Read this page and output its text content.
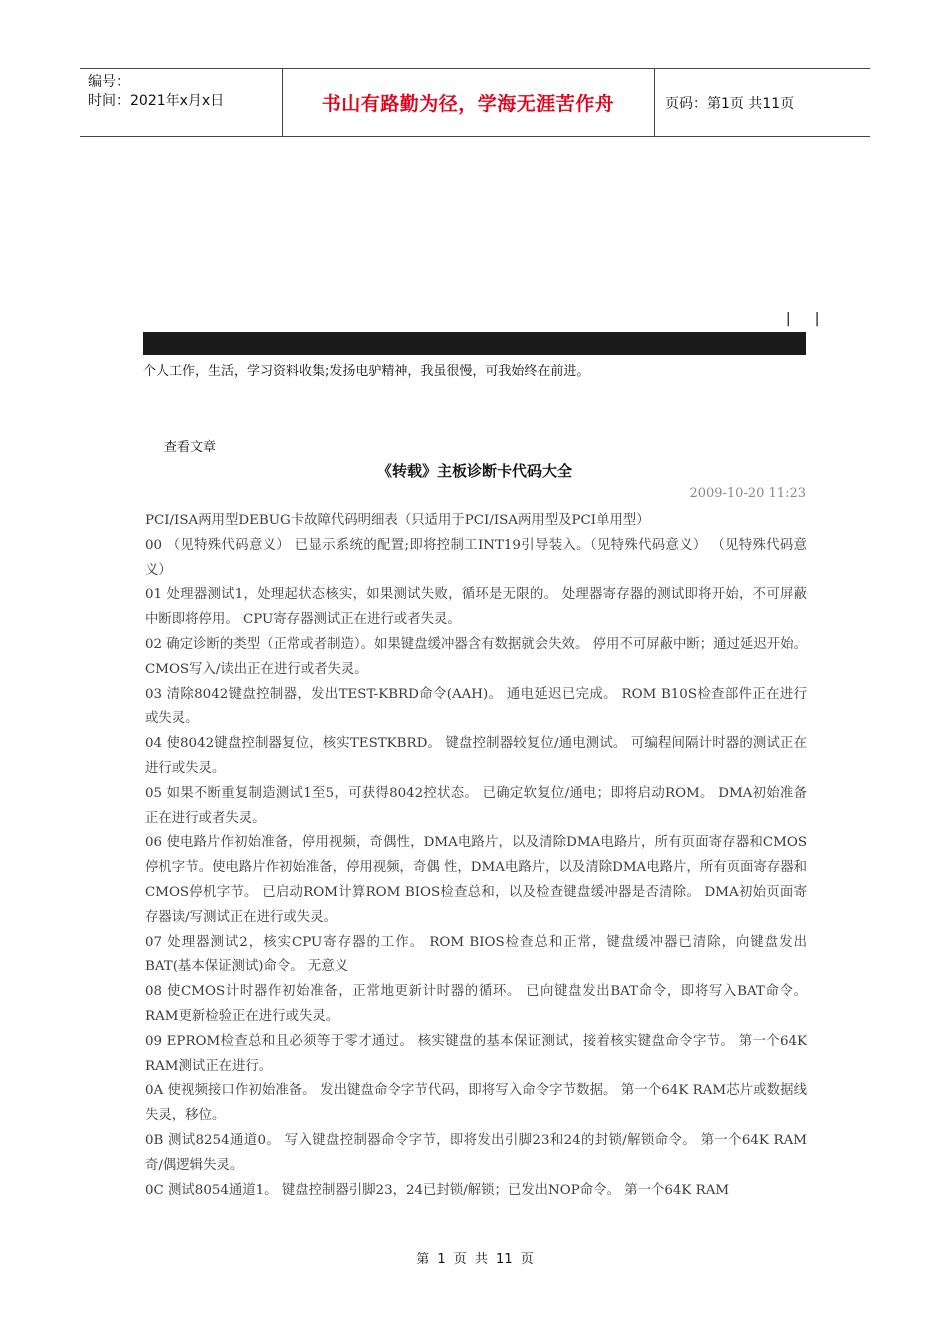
编号：
时间：2021年x月x日	书山有路勤为径，学海无涯苦作舟	页码：第1页 共11页
| |
个人工作，生活，学习资料收集;发扬电驴精神，我虽很慢，可我始终在前进。
查看文章
《转载》主板诊断卡代码大全
2009-10-20 11:23

PCI/ISA两用型DEBUG卡故障代码明细表（只适用于PCI/ISA两用型及PCI单用型）

00 （见特殊代码意义） 已显示系统的配置;即将控制工INT19引导装入。（见特殊代码意义） （见特殊代码意义）

01 处理器测试1，处理起状态核实，如果测试失败，循环是无限的。 处理器寄存器的测试即将开始，不可屏蔽中断即将停用。 CPU寄存器测试正在进行或者失灵。

02 确定诊断的类型（正常或者制造）。如果键盘缓冲器含有数据就会失效。 停用不可屏蔽中断；通过延迟开始。 CMOS写入/读出正在进行或者失灵。

03 清除8042键盘控制器，发出TEST-KBRD命令(AAH)。 通电延迟已完成。 ROM B10S检查部件正在进行或失灵。

04 使8042键盘控制器复位，核实TESTKBRD。 键盘控制器较复位/通电测试。 可编程间隔计时器的测试正在进行或失灵。

05 如果不断重复制造测试1至5，可获得8042控状态。 已确定软复位/通电；即将启动ROM。 DMA初始准备正在进行或者失灵。

06 使电路片作初始准备，停用视频，奇偶性，DMA电路片，以及清除DMA电路片，所有页面寄存器和CMOS停机字节。使电路片作初始准备，停用视频，奇偶 性，DMA电路片，以及清除DMA电路片，所有页面寄存器和CMOS停机字节。 已启动ROM计算ROM BIOS检查总和，以及检查键盘缓冲器是否清除。 DMA初始页面寄存器读/写测试正在进行或失灵。

07 处理器测试2，核实CPU寄存器的工作。 ROM BIOS检查总和正常，键盘缓冲器已清除，向键盘发出BAT(基本保证测试)命令。 无意义

08 使CMOS计时器作初始准备，正常地更新计时器的循环。 已向键盘发出BAT命令，即将写入BAT命令。 RAM更新检验正在进行或失灵。

09 EPROM检查总和且必须等于零才通过。 核实键盘的基本保证测试，接着核实键盘命令字节。 第一个64K RAM测试正在进行。

0A 使视频接口作初始准备。 发出键盘命令字节代码，即将写入命令字节数据。 第一个64K RAM芯片或数据线失灵，移位。

0B 测试8254通道0。 写入键盘控制器命令字节，即将发出引脚23和24的封锁/解锁命令。 第一个64K RAM奇/偶逻辑失灵。

0C 测试8054通道1。 键盘控制器引脚23，24已封锁/解锁；已发出NOP命令。 第一个64K RAM

第 1 页 共 11 页
